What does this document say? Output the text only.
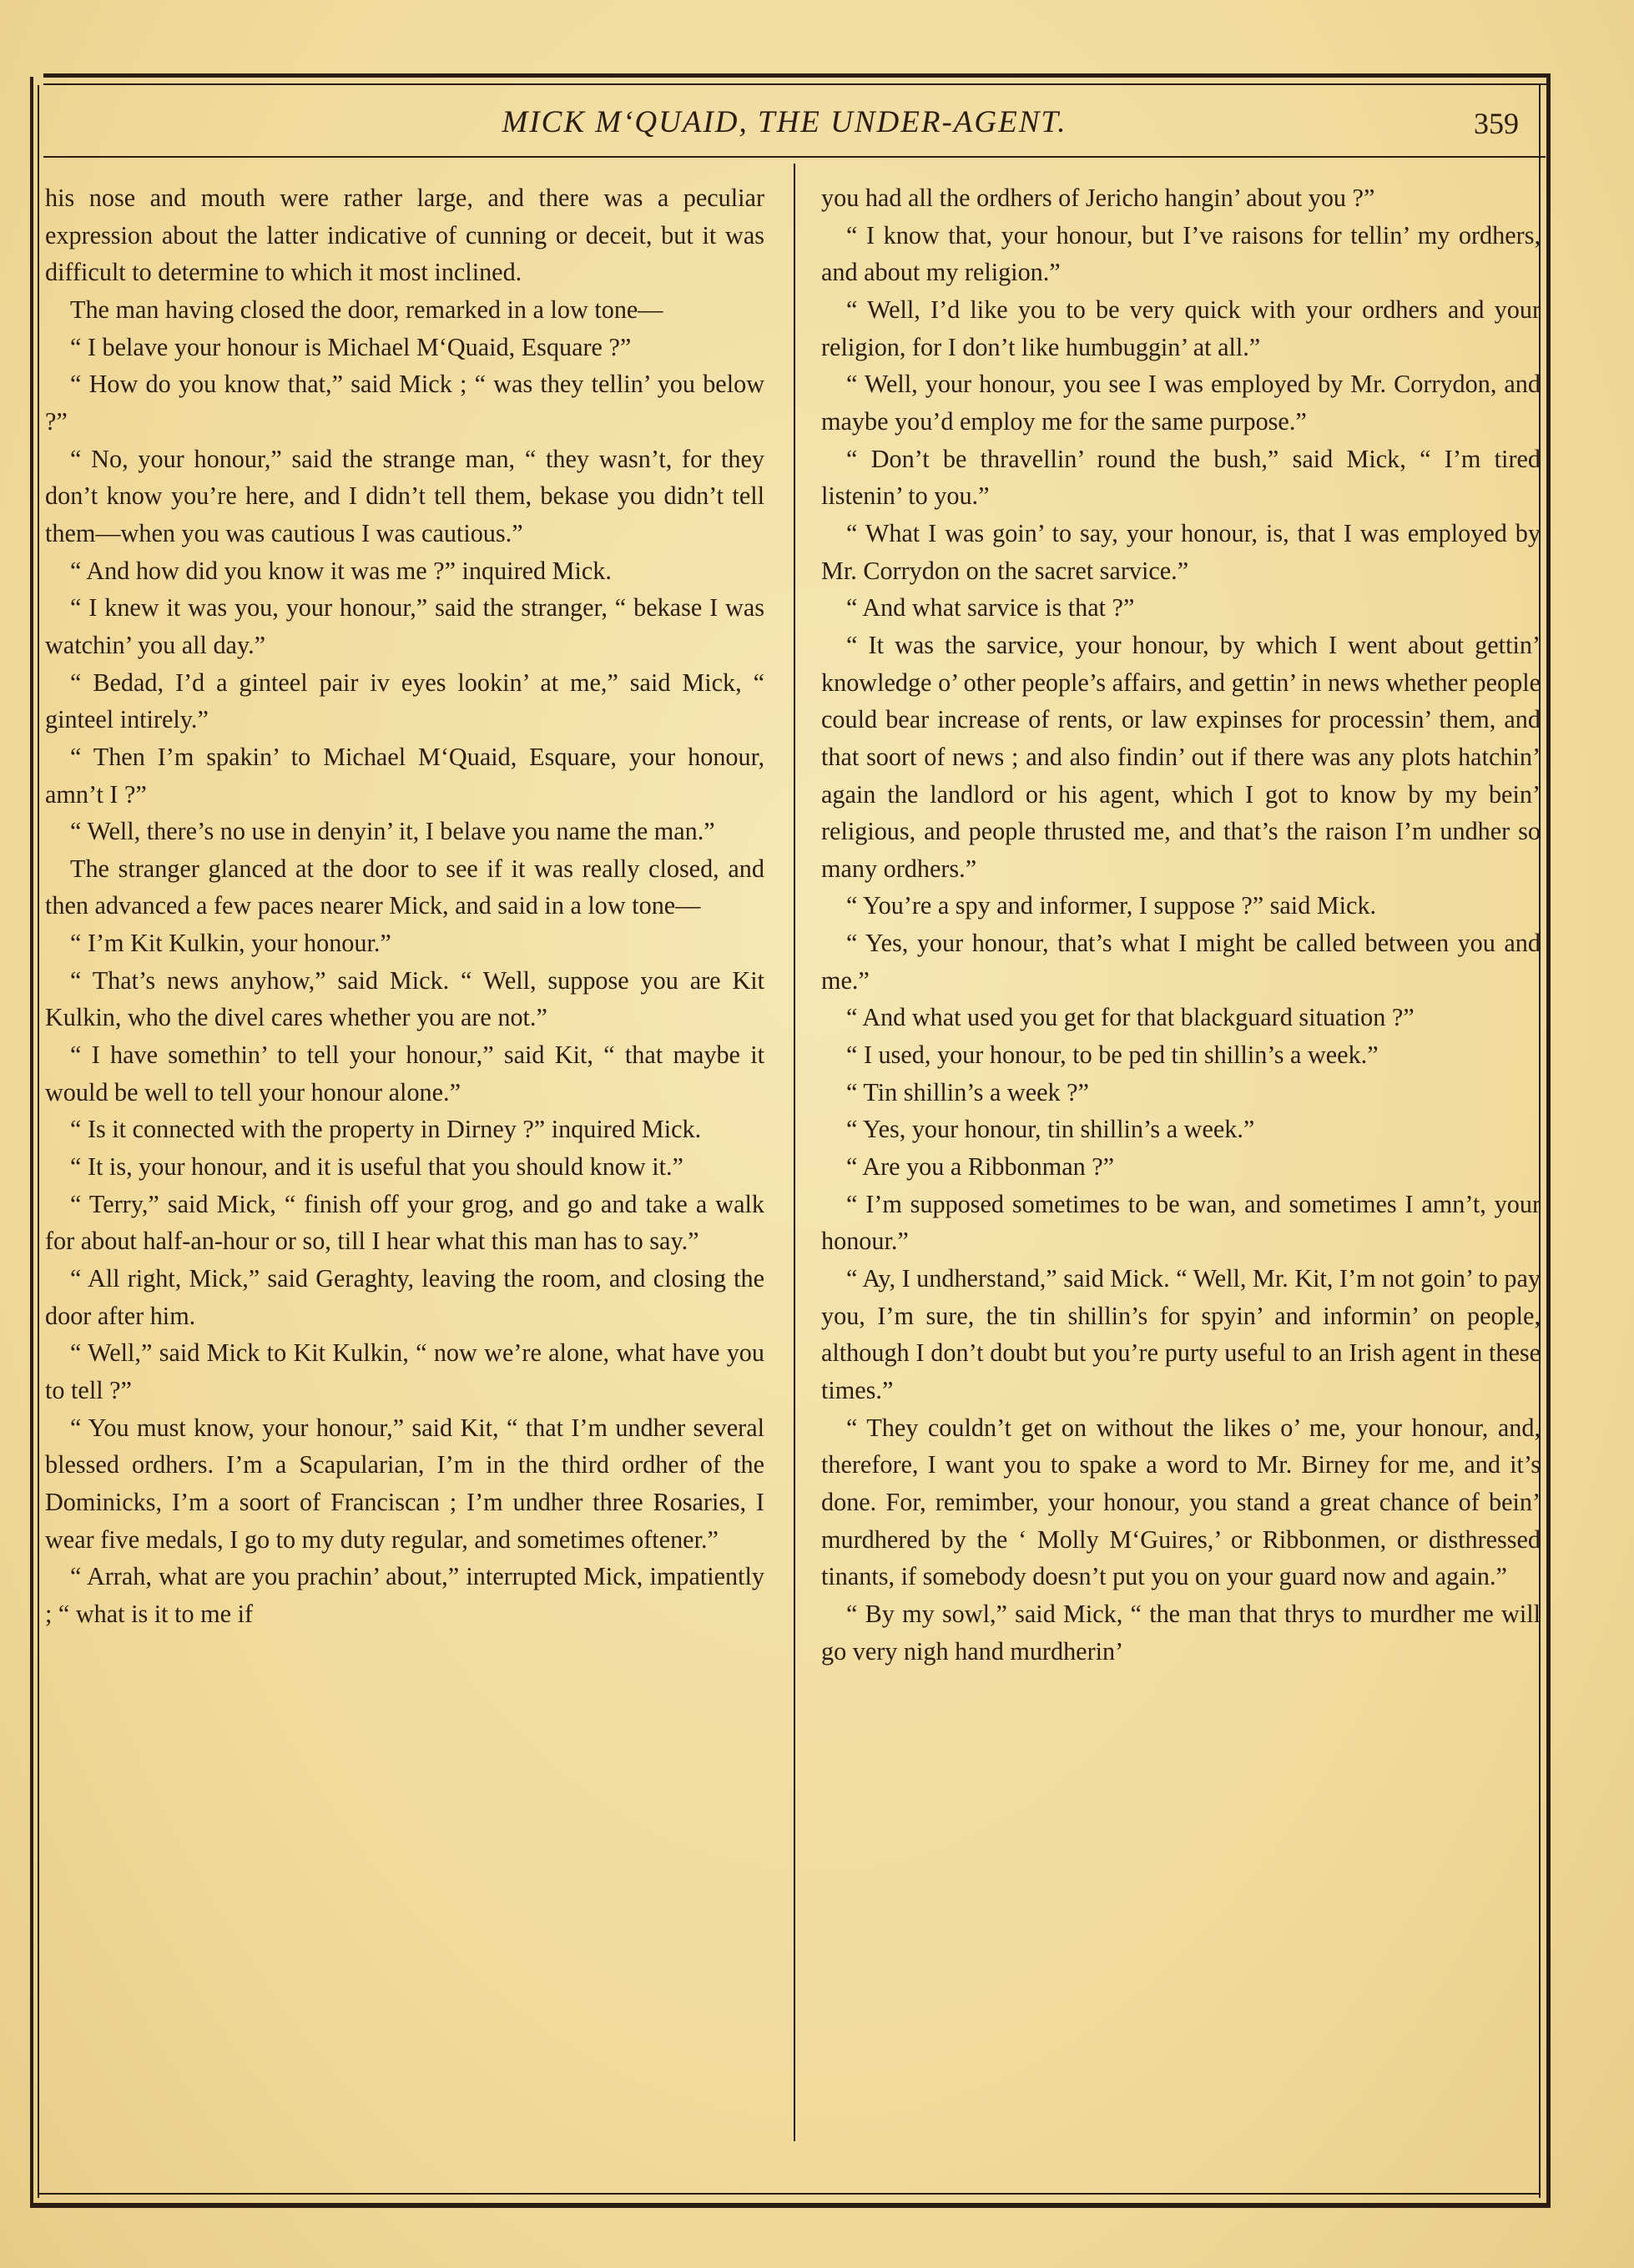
MICK M‘QUAID, THE UNDER-AGENT.	359

his nose and mouth were rather large, and there was a peculiar expression about the latter indicative of cunning or deceit, but it was difficult to determine to which it most inclined.

The man having closed the door, remarked in a low tone—

“ I belave your honour is Michael M‘Quaid, Esquare ?”

“ How do you know that,” said Mick ; “ was they tellin’ you below ?”

“ No, your honour,” said the strange man, “ they wasn’t, for they don’t know you’re here, and I didn’t tell them, bekase you didn’t tell them—when you was cautious I was cautious.”

“ And how did you know it was me ?” inquired Mick.

“ I knew it was you, your honour,” said the stranger, “ bekase I was watchin’ you all day.”

“ Bedad, I’d a ginteel pair iv eyes lookin’ at me,” said Mick, “ ginteel intirely.”

“ Then I’m spakin’ to Michael M‘Quaid, Esquare, your honour, amn’t I ?”

“ Well, there’s no use in denyin’ it, I belave you name the man.”

The stranger glanced at the door to see if it was really closed, and then advanced a few paces nearer Mick, and said in a low tone—

“ I’m Kit Kulkin, your honour.”

“ That’s news anyhow,” said Mick. “ Well, suppose you are Kit Kulkin, who the divel cares whether you are not.”

“ I have somethin’ to tell your honour,” said Kit, “ that maybe it would be well to tell your honour alone.”

“ Is it connected with the property in Dirney ?” inquired Mick.

“ It is, your honour, and it is useful that you should know it.”

“ Terry,” said Mick, “ finish off your grog, and go and take a walk for about half-an-hour or so, till I hear what this man has to say.”

“ All right, Mick,” said Geraghty, leaving the room, and closing the door after him.

“ Well,” said Mick to Kit Kulkin, “ now we’re alone, what have you to tell ?”

“ You must know, your honour,” said Kit, “ that I’m undher several blessed ordhers. I’m a Scapularian, I’m in the third ordher of the Dominicks, I’m a soort of Franciscan ; I’m undher three Rosaries, I wear five medals, I go to my duty regular, and sometimes oftener.”

“ Arrah, what are you prachin’ about,” interrupted Mick, impatiently ; “ what is it to me if

you had all the ordhers of Jericho hangin’ about you ?”

“ I know that, your honour, but I’ve raisons for tellin’ my ordhers, and about my religion.”

“ Well, I’d like you to be very quick with your ordhers and your religion, for I don’t like humbuggin’ at all.”

“ Well, your honour, you see I was employed by Mr. Corrydon, and maybe you’d employ me for the same purpose.”

“ Don’t be thravellin’ round the bush,” said Mick, “ I’m tired listenin’ to you.”

“ What I was goin’ to say, your honour, is, that I was employed by Mr. Corrydon on the sacret sarvice.”

“ And what sarvice is that ?”

“ It was the sarvice, your honour, by which I went about gettin’ knowledge o’ other people’s affairs, and gettin’ in news whether people could bear increase of rents, or law expinses for processin’ them, and that soort of news ; and also findin’ out if there was any plots hatchin’ again the landlord or his agent, which I got to know by my bein’ religious, and people thrusted me, and that’s the raison I’m undher so many ordhers.”

“ You’re a spy and informer, I suppose ?” said Mick.

“ Yes, your honour, that’s what I might be called between you and me.”

“ And what used you get for that blackguard situation ?”

“ I used, your honour, to be ped tin shillin’s a week.”

“ Tin shillin’s a week ?”

“ Yes, your honour, tin shillin’s a week.”

“ Are you a Ribbonman ?”

“ I’m supposed sometimes to be wan, and sometimes I amn’t, your honour.”

“ Ay, I undherstand,” said Mick. “ Well, Mr. Kit, I’m not goin’ to pay you, I’m sure, the tin shillin’s for spyin’ and informin’ on people, although I don’t doubt but you’re purty useful to an Irish agent in these times.”

“ They couldn’t get on without the likes o’ me, your honour, and, therefore, I want you to spake a word to Mr. Birney for me, and it’s done. For, remimber, your honour, you stand a great chance of bein’ murdhered by the ‘ Molly M‘Guires,’ or Ribbonmen, or disthressed tinants, if somebody doesn’t put you on your guard now and again.”

“ By my sowl,” said Mick, “ the man that thrys to murdher me will go very nigh hand murdherin’
